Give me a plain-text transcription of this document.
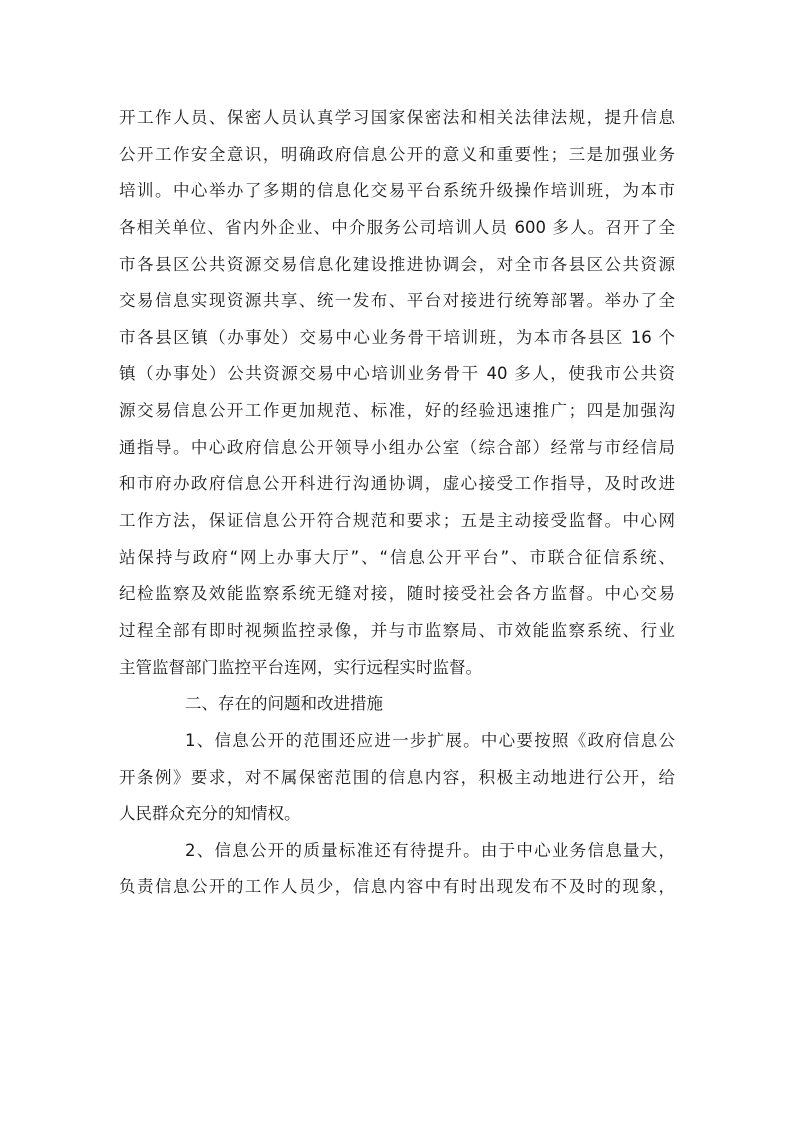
开工作人员、保密人员认真学习国家保密法和相关法律法规，提升信息
公开工作安全意识，明确政府信息公开的意义和重要性；三是加强业务
培训。中心举办了多期的信息化交易平台系统升级操作培训班，为本市
各相关单位、省内外企业、中介服务公司培训人员 600 多人。召开了全
市各县区公共资源交易信息化建设推进协调会，对全市各县区公共资源
交易信息实现资源共享、统一发布、平台对接进行统筹部署。举办了全
市各县区镇（办事处）交易中心业务骨干培训班，为本市各县区 16 个
镇（办事处）公共资源交易中心培训业务骨干 40 多人，使我市公共资
源交易信息公开工作更加规范、标准，好的经验迅速推广；四是加强沟
通指导。中心政府信息公开领导小组办公室（综合部）经常与市经信局
和市府办政府信息公开科进行沟通协调，虚心接受工作指导，及时改进
工作方法，保证信息公开符合规范和要求；五是主动接受监督。中心网
站保持与政府“网上办事大厅”、“信息公开平台”、市联合征信系统、
纪检监察及效能监察系统无缝对接，随时接受社会各方监督。中心交易
过程全部有即时视频监控录像，并与市监察局、市效能监察系统、行业
主管监督部门监控平台连网，实行远程实时监督。
二、存在的问题和改进措施
1、信息公开的范围还应进一步扩展。中心要按照《政府信息公
开条例》要求，对不属保密范围的信息内容，积极主动地进行公开，给
人民群众充分的知情权。
2、信息公开的质量标准还有待提升。由于中心业务信息量大，
负责信息公开的工作人员少，信息内容中有时出现发布不及时的现象，
